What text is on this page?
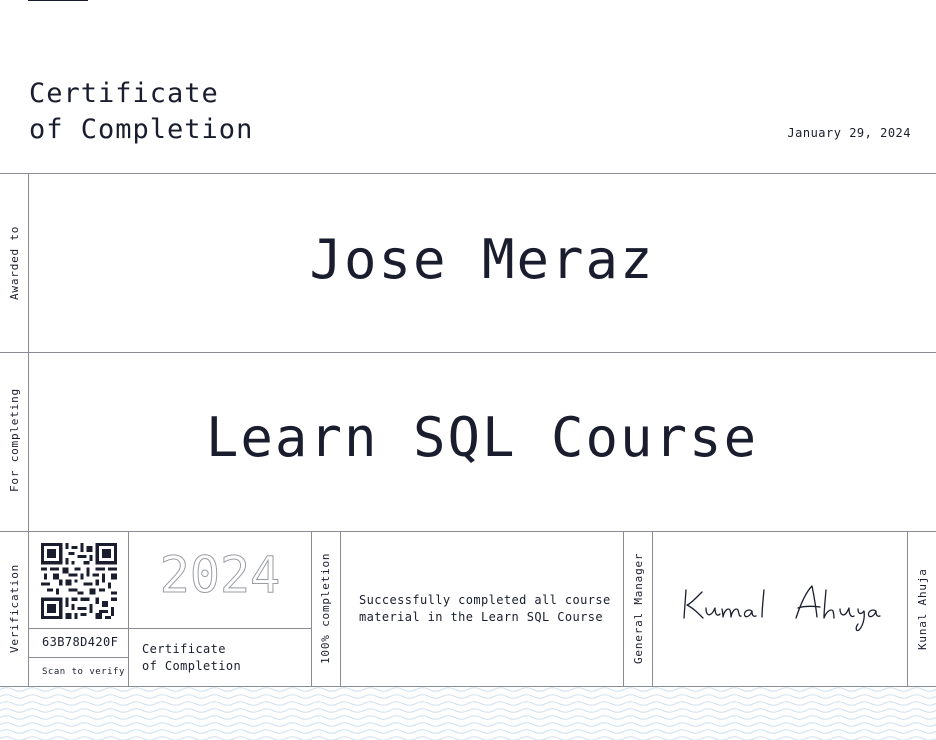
Certificate
of Completion	January 29, 2024
Awarded to	Jose Meraz
For completing	Learn SQL Course
Verification 63B78D420F
Scan to verify
2024
Certificate
of Completion
100% completion Successfully completed all course
material in the Learn SQL Course	General Manager	Kunal Ahuja
